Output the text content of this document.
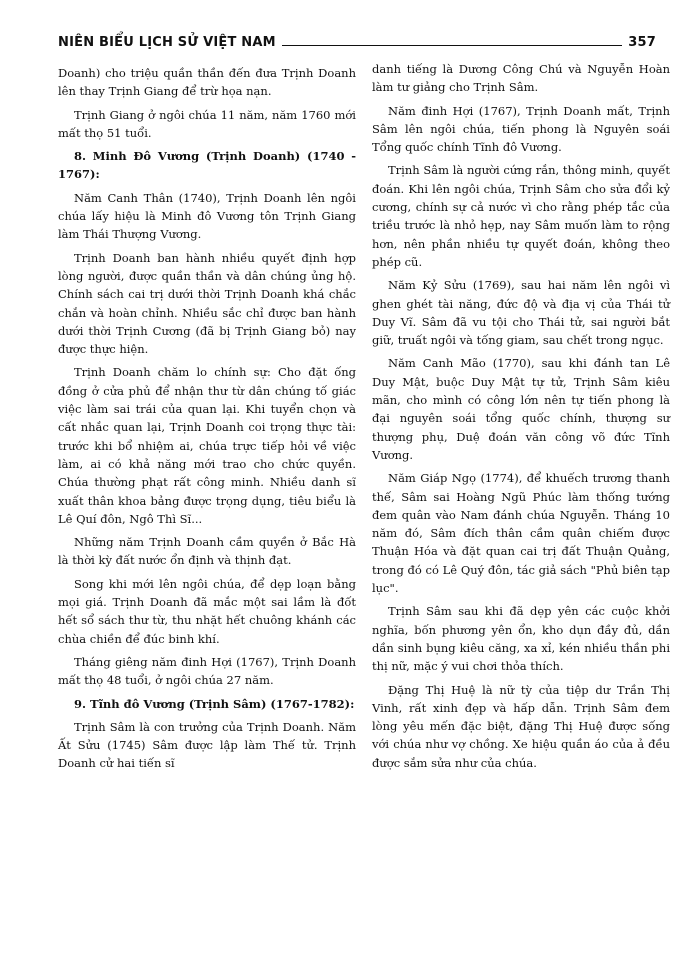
NIÊN BIỂU LỊCH SỬ VIỆT NAM	357

Doanh) cho triệu quần thần đến đưa Trịnh Doanh lên thay Trịnh Giang để trừ họa nạn.

Trịnh Giang ở ngôi chúa 11 năm, năm 1760 mới mất thọ 51 tuổi.

8. Minh Đô Vương (Trịnh Doanh) (1740 - 1767):

Năm Canh Thân (1740), Trịnh Doanh lên ngôi chúa lấy hiệu là Minh đô Vương tôn Trịnh Giang làm Thái Thượng Vương.

Trịnh Doanh ban hành nhiều quyết định hợp lòng người, được quần thần và dân chúng ủng hộ. Chính sách cai trị dưới thời Trịnh Doanh khá chắc chắn và hoàn chỉnh. Nhiều sắc chỉ được ban hành dưới thời Trịnh Cương (đã bị Trịnh Giang bỏ) nay được thực hiện.

Trịnh Doanh chăm lo chính sự: Cho đặt ống đồng ở cửa phủ để nhận thư từ dân chúng tố giác việc làm sai trái của quan lại. Khi tuyển chọn và cất nhắc quan lại, Trịnh Doanh coi trọng thực tài: trước khi bổ nhiệm ai, chúa trực tiếp hỏi về việc làm, ai có khả năng mới trao cho chức quyền. Chúa thường phạt rất công minh. Nhiều danh sĩ xuất thân khoa bảng được trọng dụng, tiêu biểu là Lê Quí đôn, Ngô Thì Sĩ...

Những năm Trịnh Doanh cầm quyền ở Bắc Hà là thời kỳ đất nước ổn định và thịnh đạt.

Song khi mới lên ngôi chúa, để dẹp loạn bằng mọi giá. Trịnh Doanh đã mắc một sai lầm là đốt hết sổ sách thư từ, thu nhặt hết chuông khánh các chùa chiền để đúc binh khí.

Tháng giêng năm đinh Hợi (1767), Trịnh Doanh mất thọ 48 tuổi, ở ngôi chúa 27 năm.

9. Tĩnh đô Vương (Trịnh Sâm) (1767-1782):

Trịnh Sâm là con trưởng của Trịnh Doanh. Năm Ất Sửu (1745) Sâm được lập làm Thế tử. Trịnh Doanh cử hai tiến sĩ

danh tiếng là Dương Công Chú và Nguyễn Hoàn làm tư giảng cho Trịnh Sâm.

Năm đinh Hợi (1767), Trịnh Doanh mất, Trịnh Sâm lên ngôi chúa, tiến phong là Nguyên soái Tổng quốc chính Tĩnh đô Vương.

Trịnh Sâm là người cứng rắn, thông minh, quyết đoán. Khi lên ngôi chúa, Trịnh Sâm cho sửa đổi kỷ cương, chính sự cả nước vì cho rằng phép tắc của triều trước là nhỏ hẹp, nay Sâm muốn làm to rộng hơn, nên phần nhiều tự quyết đoán, không theo phép cũ.

Năm Kỷ Sửu (1769), sau hai năm lên ngôi vì ghen ghét tài năng, đức độ và địa vị của Thái tử Duy Vĩ. Sâm đã vu tội cho Thái tử, sai người bắt giữ, truất ngôi và tống giam, sau chết trong ngục.

Năm Canh Mão (1770), sau khi đánh tan Lê Duy Mật, buộc Duy Mật tự tử, Trịnh Sâm kiêu mãn, cho mình có công lớn nên tự tiến phong là đại nguyên soái tổng quốc chính, thượng sư thượng phụ, Duệ đoán văn công võ đức Tĩnh Vương.

Năm Giáp Ngọ (1774), để khuếch trương thanh thế, Sâm sai Hoàng Ngũ Phúc làm thống tướng đem quân vào Nam đánh chúa Nguyễn. Tháng 10 năm đó, Sâm đích thân cầm quân chiếm được Thuận Hóa và đặt quan cai trị đất Thuận Quảng, trong đó có Lê Quý đôn, tác giả sách "Phủ biên tạp lục".

Trịnh Sâm sau khi đã dẹp yên các cuộc khởi nghĩa, bốn phương yên ổn, kho dụn đầy đủ, dần dần sinh bụng kiêu căng, xa xỉ, kén nhiều thần phi thị nữ, mặc ý vui chơi thỏa thích.

Đặng Thị Huệ là nữ tỳ của tiệp dư Trần Thị Vinh, rất xinh đẹp và hấp dẫn. Trịnh Sâm đem lòng yêu mến đặc biệt, đặng Thị Huệ được sống với chúa như vợ chồng. Xe hiệu quần áo của ả đều được sắm sửa như của chúa.
